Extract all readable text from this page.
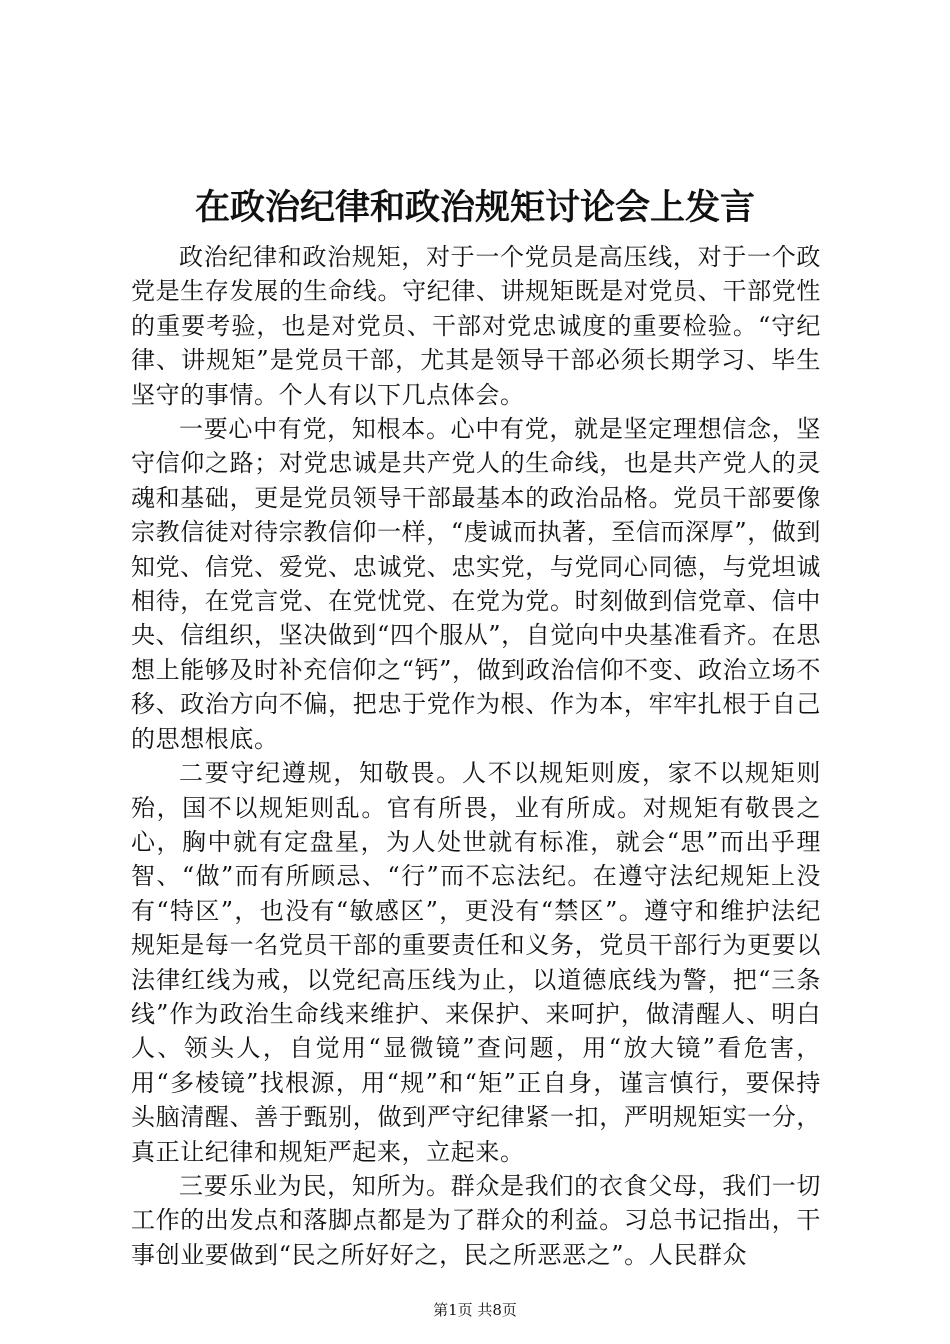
在政治纪律和政治规矩讨论会上发言

政治纪律和政治规矩，对于一个党员是高压线，对于一个政党是生存发展的生命线。守纪律、讲规矩既是对党员、干部党性的重要考验，也是对党员、干部对党忠诚度的重要检验。“守纪律、讲规矩”是党员干部，尤其是领导干部必须长期学习、毕生坚守的事情。个人有以下几点体会。

一要心中有党，知根本。心中有党，就是坚定理想信念，坚守信仰之路；对党忠诚是共产党人的生命线，也是共产党人的灵魂和基础，更是党员领导干部最基本的政治品格。党员干部要像宗教信徒对待宗教信仰一样，“虔诚而执著，至信而深厚”，做到知党、信党、爱党、忠诚党、忠实党，与党同心同德，与党坦诚相待，在党言党、在党忧党、在党为党。时刻做到信党章、信中央、信组织，坚决做到“四个服从”，自觉向中央基准看齐。在思想上能够及时补充信仰之“钙”，做到政治信仰不变、政治立场不移、政治方向不偏，把忠于党作为根、作为本，牢牢扎根于自己的思想根底。

二要守纪遵规，知敬畏。人不以规矩则废，家不以规矩则殆，国不以规矩则乱。官有所畏，业有所成。对规矩有敬畏之心，胸中就有定盘星，为人处世就有标准，就会“思”而出乎理智、“做”而有所顾忌、“行”而不忘法纪。在遵守法纪规矩上没有“特区”，也没有“敏感区”，更没有“禁区”。遵守和维护法纪规矩是每一名党员干部的重要责任和义务，党员干部行为更要以法律红线为戒，以党纪高压线为止，以道德底线为警，把“三条线”作为政治生命线来维护、来保护、来呵护，做清醒人、明白人、领头人，自觉用“显微镜”查问题，用“放大镜”看危害，用“多棱镜”找根源，用“规”和“矩”正自身，谨言慎行，要保持头脑清醒、善于甄别，做到严守纪律紧一扣，严明规矩实一分，真正让纪律和规矩严起来，立起来。

三要乐业为民，知所为。群众是我们的衣食父母，我们一切工作的出发点和落脚点都是为了群众的利益。习总书记指出，干事创业要做到“民之所好好之，民之所恶恶之”。人民群众

第1页 共8页
